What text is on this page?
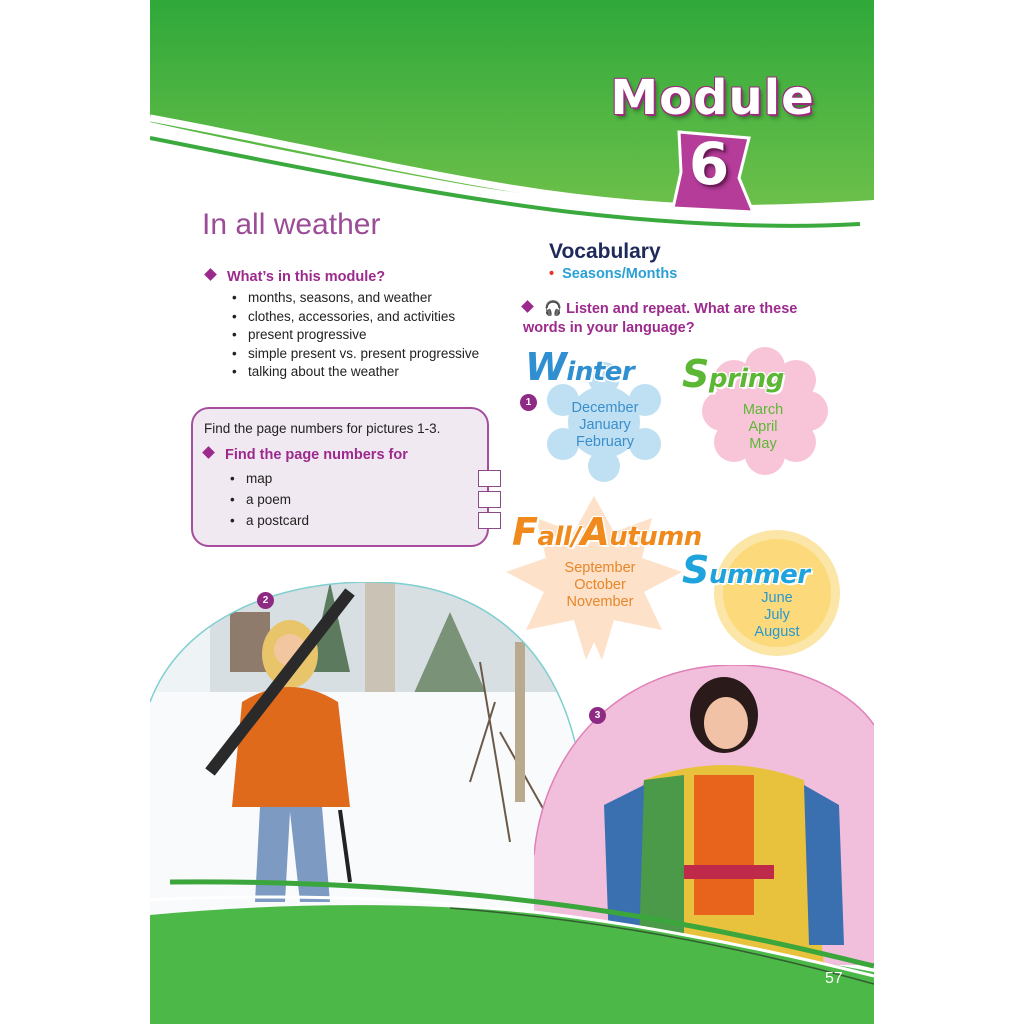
Module
6
In all weather
What’s in this module?
• months, seasons, and weather
• clothes, accessories, and activities
• present progressive
• simple present vs. present progressive
• talking about the weather
Find the page numbers for pictures 1-3.
Find the page numbers for
• map
• a poem
• a postcard
Vocabulary
• Seasons/Months
🎧 Listen and repeat. What are these words in your language?
1
Winter
December
January
February
Spring
March
April
May
Fall/Autumn
September
October
November
Summer
June
July
August
2
3
57
